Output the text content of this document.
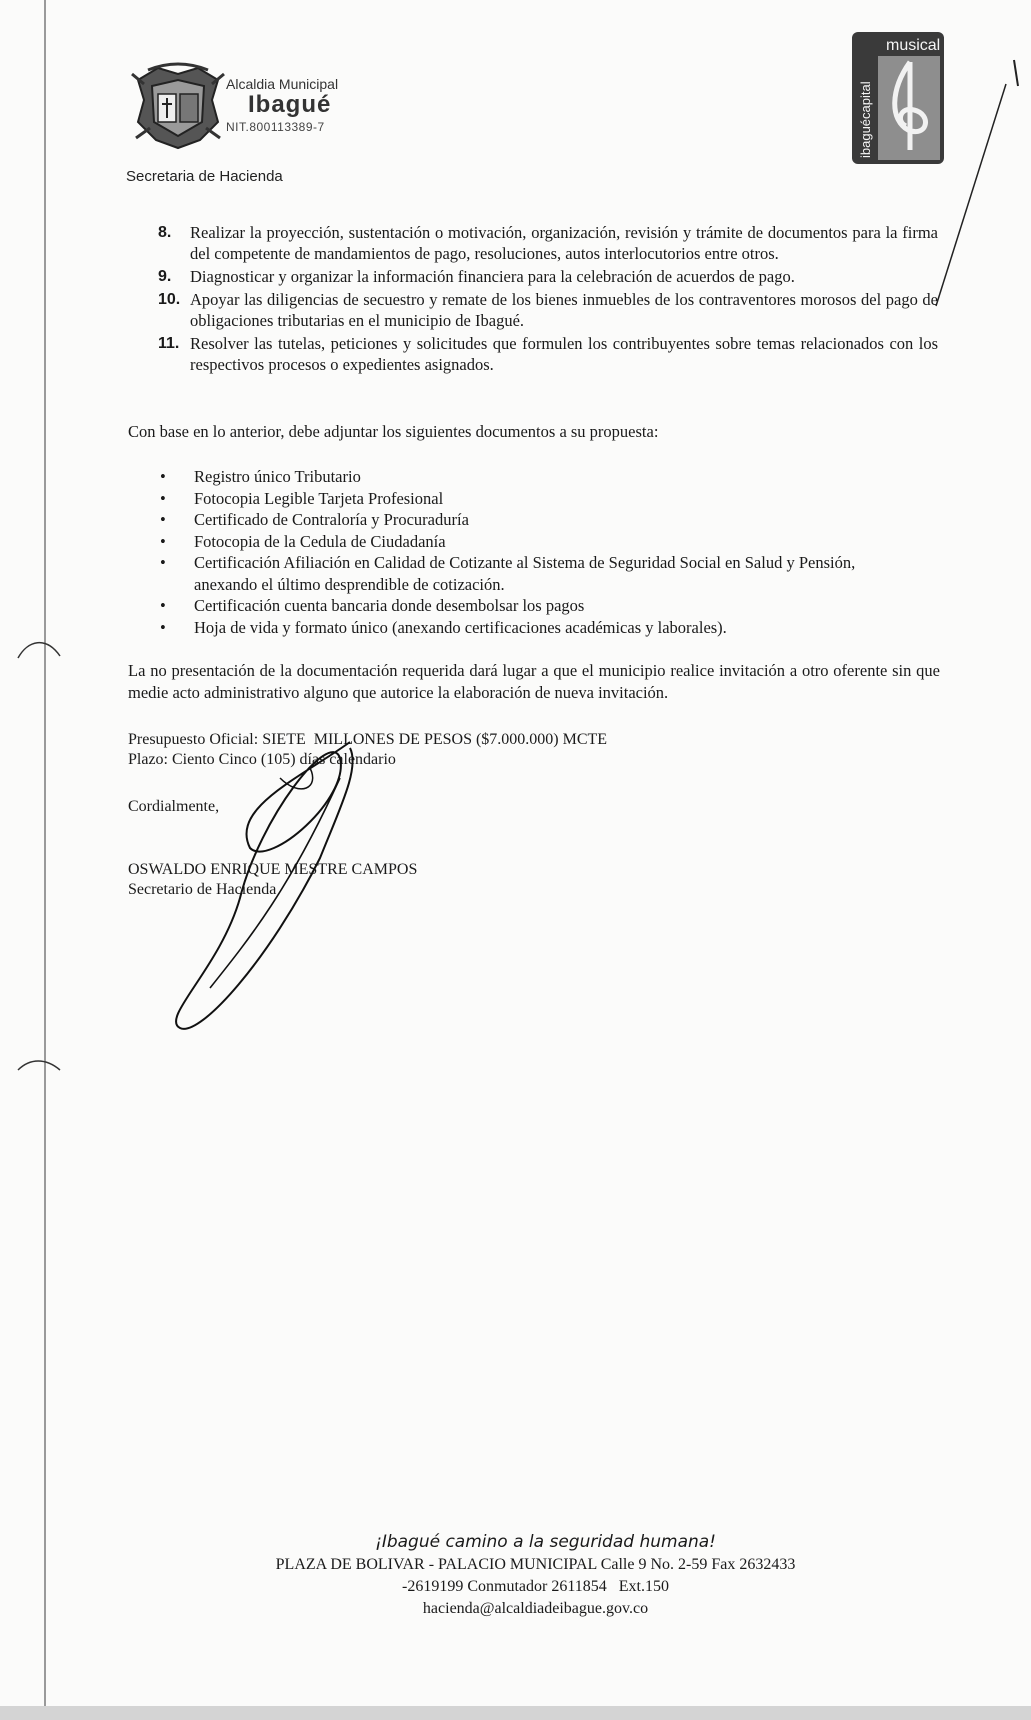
Alcaldia Municipal
Ibagué
NIT.800113389-7
Secretaria de Hacienda
musical
ibaguécapital
8. Realizar la proyección, sustentación o motivación, organización, revisión y trámite de documentos para la firma del competente de mandamientos de pago, resoluciones, autos interlocutorios entre otros.
9. Diagnosticar y organizar la información financiera para la celebración de acuerdos de pago.
10. Apoyar las diligencias de secuestro y remate de los bienes inmuebles de los contraventores morosos del pago de obligaciones tributarias en el municipio de Ibagué.
11. Resolver las tutelas, peticiones y solicitudes que formulen los contribuyentes sobre temas relacionados con los respectivos procesos o expedientes asignados.
Con base en lo anterior, debe adjuntar los siguientes documentos a su propuesta:
• Registro único Tributario
• Fotocopia Legible Tarjeta Profesional
• Certificado de Contraloría y Procuraduría
• Fotocopia de la Cedula de Ciudadanía
• Certificación Afiliación en Calidad de Cotizante al Sistema de Seguridad Social en Salud y Pensión, anexando el último desprendible de cotización.
• Certificación cuenta bancaria donde desembolsar los pagos
• Hoja de vida y formato único (anexando certificaciones académicas y laborales).
La no presentación de la documentación requerida dará lugar a que el municipio realice invitación a otro oferente sin que medie acto administrativo alguno que autorice la elaboración de nueva invitación.
Presupuesto Oficial: SIETE  MILLONES DE PESOS ($7.000.000) MCTE
Plazo: Ciento Cinco (105) días calendario
Cordialmente,
OSWALDO ENRIQUE MESTRE CAMPOS
Secretario de Hacienda
¡Ibagué camino a la seguridad humana!
PLAZA DE BOLIVAR - PALACIO MUNICIPAL Calle 9 No. 2-59 Fax 2632433
-2619199 Conmutador 2611854   Ext.150
hacienda@alcaldiadeibague.gov.co
